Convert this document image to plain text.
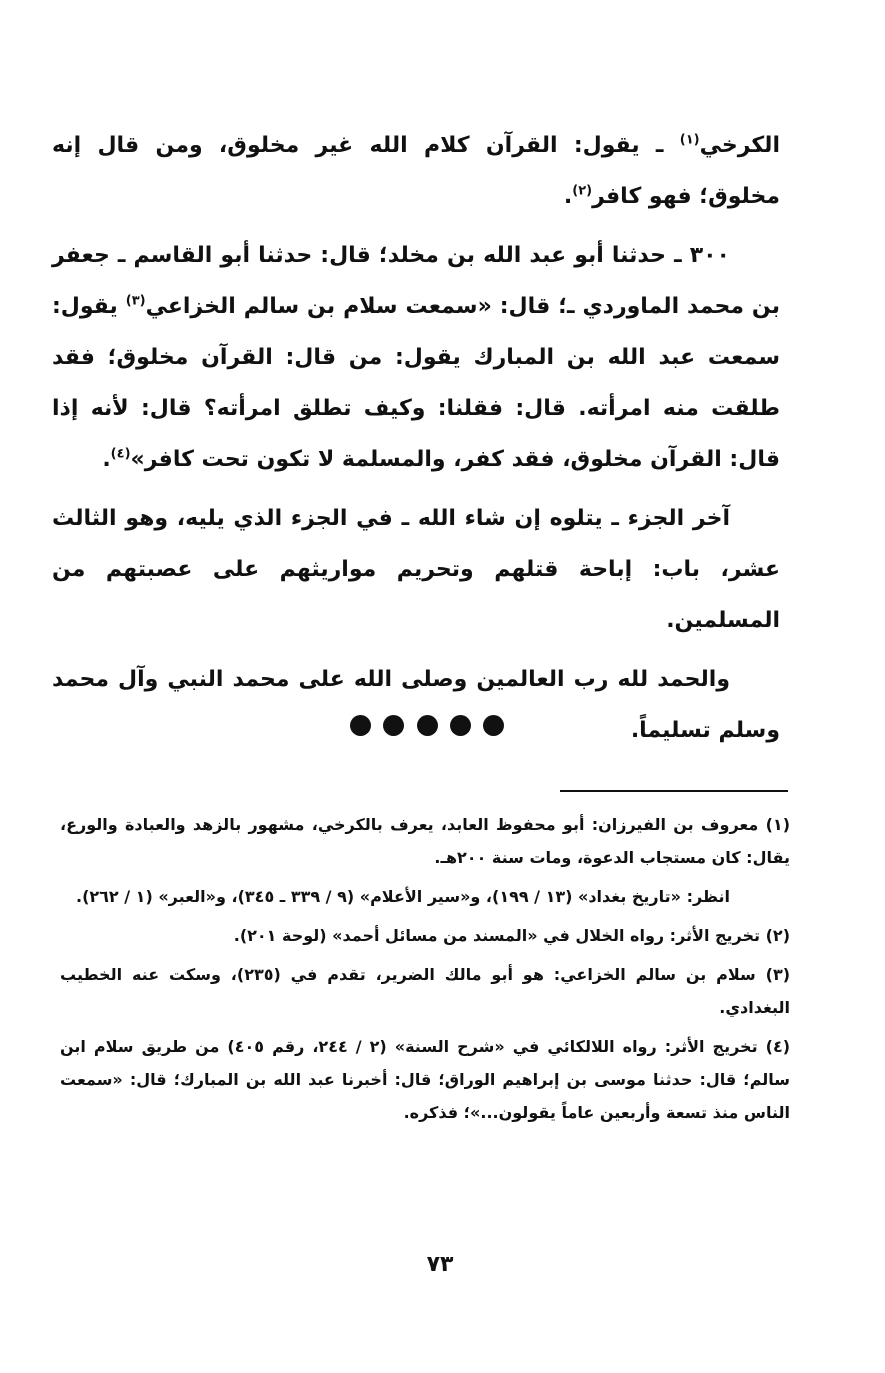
الكرخي$^{(١)}$ ـ يقول: القرآن كلام الله غير مخلوق، ومن قال إنه مخلوق؛ فهو كافر$^{(٢)}$.

٣٠٠ ـ حدثنا أبو عبد الله بن مخلد؛ قال: حدثنا أبو القاسم ـ جعفر بن محمد الماوردي ـ؛ قال: «سمعت سلام بن سالم الخزاعي$^{(٣)}$ يقول: سمعت عبد الله بن المبارك يقول: من قال: القرآن مخلوق؛ فقد طلقت منه امرأته. قال: فقلنا: وكيف تطلق امرأته؟ قال: لأنه إذا قال: القرآن مخلوق، فقد كفر، والمسلمة لا تكون تحت كافر»$^{(٤)}$.

آخر الجزء ـ يتلوه إن شاء الله ـ في الجزء الذي يليه، وهو الثالث عشر، باب: إباحة قتلهم وتحريم مواريثهم على عصبتهم من المسلمين.

والحمد لله رب العالمين وصلى الله على محمد النبي وآل محمد وسلم تسليماً.

(١) معروف بن الفيرزان: أبو محفوظ العابد، يعرف بالكرخي، مشهور بالزهد والعبادة والورع، يقال: كان مستجاب الدعوة، ومات سنة ٢٠٠هـ.

انظر: «تاريخ بغداد» (١٣ / ١٩٩)، و«سير الأعلام» (٩ / ٣٣٩ ـ ٣٤٥)، و«العبر» (١ / ٢٦٢).

(٢) تخريج الأثر: رواه الخلال في «المسند من مسائل أحمد» (لوحة ٢٠١).

(٣) سلام بن سالم الخزاعي: هو أبو مالك الضرير، تقدم في (٢٣٥)، وسكت عنه الخطيب البغدادي.

(٤) تخريج الأثر: رواه اللالكائي في «شرح السنة» (٢ / ٢٤٤، رقم ٤٠٥) من طريق سلام ابن سالم؛ قال: حدثنا موسى بن إبراهيم الوراق؛ قال: أخبرنا عبد الله بن المبارك؛ قال: «سمعت الناس منذ تسعة وأربعين عاماً يقولون...»؛ فذكره.

٧٣
